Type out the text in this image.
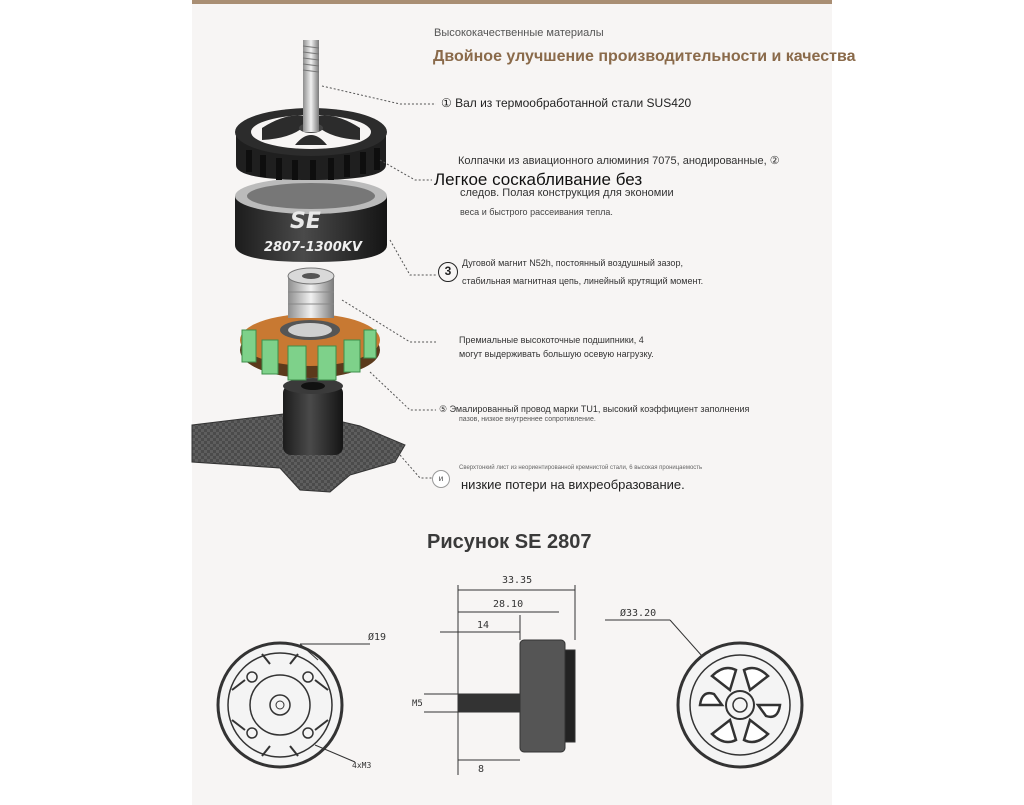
SE
2807-1300KV
Высококачественные материалы
Двойное улучшение производительности и качества
① Вал из термообработанной стали SUS420
Колпачки из авиационного алюминия 7075, анодированные, ②
Легкое соскабливание без
следов. Полая конструкция для экономии
веса и быстрого рассеивания тепла.
3
Дуговой магнит N52h, постоянный воздушный зазор,
стабильная магнитная цепь, линейный крутящий момент.
Премиальные высокоточные подшипники, 4
могут выдерживать большую осевую нагрузку.
⑤ Эмалированный провод марки TU1, высокий коэффициент заполнения
пазов, низкое внутреннее сопротивление.
Сверхтонкий лист из неориентированной кремнистой стали, 6 высокая проницаемость
и	низкие потери на вихреобразование.
Рисунок SE 2807
Ø19
4xM3
33.35
28.10
14
M5
8
Ø33.20
